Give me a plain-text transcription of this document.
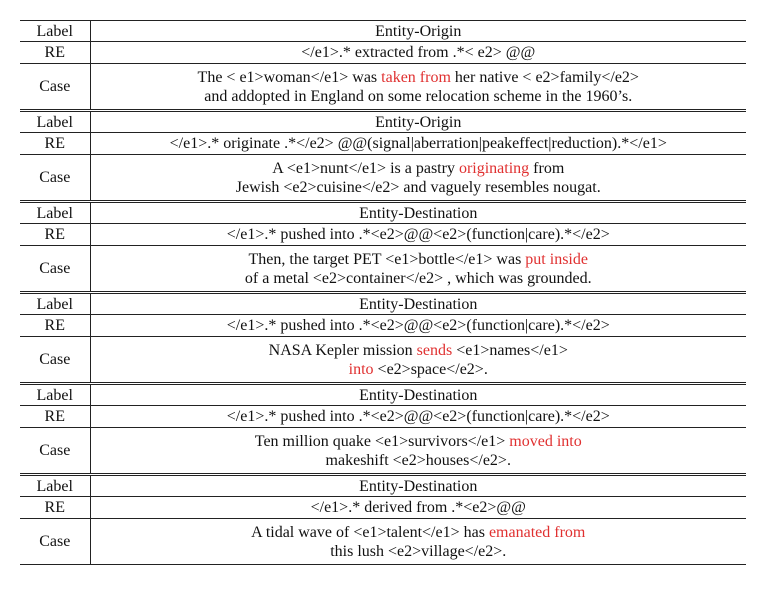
Label	Entity-Origin
RE	</e1>.* extracted from .*< e2> @@
Case	The < e1>woman</e1> was taken from her native < e2>family</e2>
and addopted in England on some relocation scheme in the 1960’s.
Label	Entity-Origin
RE	</e1>.* originate .*</e2> @@(signal|aberration|peakeffect|reduction).*</e1>
Case	A <e1>nunt</e1> is a pastry originating from
Jewish <e2>cuisine</e2> and vaguely resembles nougat.
Label	Entity-Destination
RE	</e1>.* pushed into .*<e2>@@<e2>(function|care).*</e2>
Case	Then, the target PET <e1>bottle</e1> was put inside
of a metal <e2>container</e2> , which was grounded.
Label	Entity-Destination
RE	</e1>.* pushed into .*<e2>@@<e2>(function|care).*</e2>
Case	NASA Kepler mission sends <e1>names</e1>
into <e2>space</e2>.
Label	Entity-Destination
RE	</e1>.* pushed into .*<e2>@@<e2>(function|care).*</e2>
Case	Ten million quake <e1>survivors</e1> moved into
makeshift <e2>houses</e2>.
Label	Entity-Destination
RE	</e1>.* derived from .*<e2>@@
Case	A tidal wave of <e1>talent</e1> has emanated from
this lush <e2>village</e2>.
